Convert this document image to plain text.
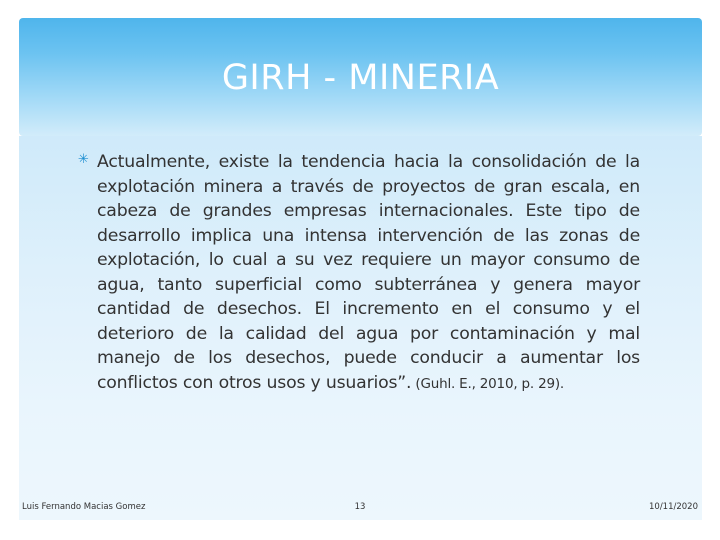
GIRH - MINERIA
✳ Actualmente, existe la tendencia hacia la consolidación de la explotación minera a través de proyectos de gran escala, en cabeza de grandes empresas internacionales. Este tipo de desarrollo implica una intensa intervención de las zonas de explotación, lo cual a su vez requiere un mayor consumo de agua, tanto superficial como subterránea y genera mayor cantidad de desechos. El incremento en el consumo y el deterioro de la calidad del agua por contaminación y mal manejo de los desechos, puede conducir a aumentar los conflictos con otros usos y usuarios”. (Guhl. E., 2010, p. 29).
Luis Fernando Macias Gomez	13	10/11/2020
